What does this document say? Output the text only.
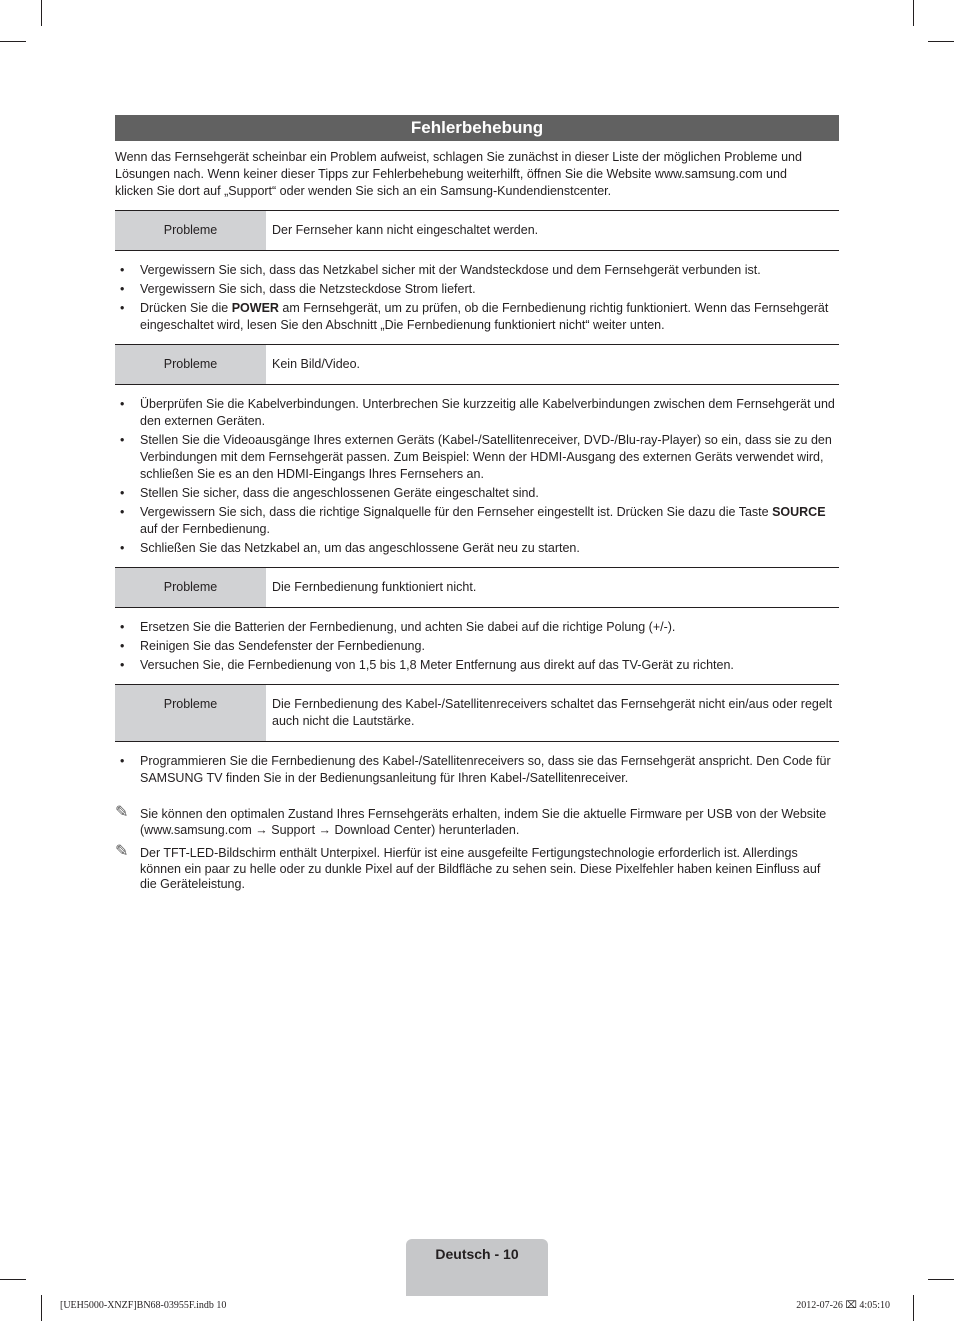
Fehlerbehebung
Wenn das Fernsehgerät scheinbar ein Problem aufweist, schlagen Sie zunächst in dieser Liste der möglichen Probleme und
Lösungen nach. Wenn keiner dieser Tipps zur Fehlerbehebung weiterhilft, öffnen Sie die Website www.samsung.com und
klicken Sie dort auf „Support“ oder wenden Sie sich an ein Samsung-Kundendienstcenter.
Probleme	Der Fernseher kann nicht eingeschaltet werden.
• Vergewissern Sie sich, dass das Netzkabel sicher mit der Wandsteckdose und dem Fernsehgerät verbunden ist.
• Vergewissern Sie sich, dass die Netzsteckdose Strom liefert.
• Drücken Sie die POWER am Fernsehgerät, um zu prüfen, ob die Fernbedienung richtig funktioniert. Wenn das Fernsehgerät eingeschaltet wird, lesen Sie den Abschnitt „Die Fernbedienung funktioniert nicht“ weiter unten.
Probleme	Kein Bild/Video.
• Überprüfen Sie die Kabelverbindungen. Unterbrechen Sie kurzzeitig alle Kabelverbindungen zwischen dem Fernsehgerät und den externen Geräten.
• Stellen Sie die Videoausgänge Ihres externen Geräts (Kabel-/Satellitenreceiver, DVD-/Blu-ray-Player) so ein, dass sie zu den Verbindungen mit dem Fernsehgerät passen. Zum Beispiel: Wenn der HDMI-Ausgang des externen Geräts verwendet wird, schließen Sie es an den HDMI-Eingangs Ihres Fernsehers an.
• Stellen Sie sicher, dass die angeschlossenen Geräte eingeschaltet sind.
• Vergewissern Sie sich, dass die richtige Signalquelle für den Fernseher eingestellt ist. Drücken Sie dazu die Taste SOURCE auf der Fernbedienung.
• Schließen Sie das Netzkabel an, um das angeschlossene Gerät neu zu starten.
Probleme	Die Fernbedienung funktioniert nicht.
• Ersetzen Sie die Batterien der Fernbedienung, und achten Sie dabei auf die richtige Polung (+/-).
• Reinigen Sie das Sendefenster der Fernbedienung.
• Versuchen Sie, die Fernbedienung von 1,5 bis 1,8 Meter Entfernung aus direkt auf das TV-Gerät zu richten.
Probleme	Die Fernbedienung des Kabel-/Satellitenreceivers schaltet das Fernsehgerät nicht ein/aus oder regelt auch nicht die Lautstärke.
• Programmieren Sie die Fernbedienung des Kabel-/Satellitenreceivers so, dass sie das Fernsehgerät anspricht. Den Code für SAMSUNG TV finden Sie in der Bedienungsanleitung für Ihren Kabel-/Satellitenreceiver.
✎ Sie können den optimalen Zustand Ihres Fernsehgeräts erhalten, indem Sie die aktuelle Firmware per USB von der Website (www.samsung.com → Support → Download Center) herunterladen.
✎ Der TFT-LED-Bildschirm enthält Unterpixel. Hierfür ist eine ausgefeilte Fertigungstechnologie erforderlich ist. Allerdings können ein paar zu helle oder zu dunkle Pixel auf der Bildfläche zu sehen sein. Diese Pixelfehler haben keinen Einfluss auf die Geräteleistung.
Deutsch - 10
[UEH5000-XNZF]BN68-03955F.indb 10	2012-07-26 ⌧ 4:05:10
